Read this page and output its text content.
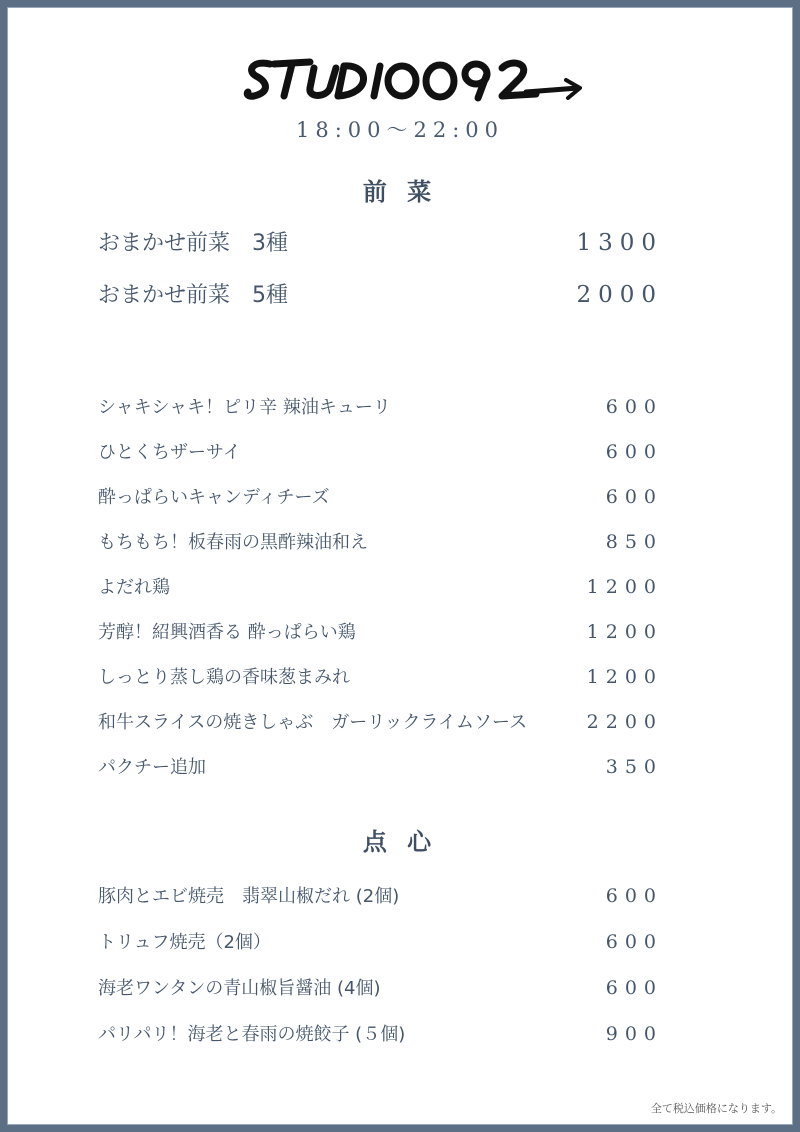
18:00〜22:00
前 菜
おまかせ前菜　3種	1300
おまかせ前菜　5種	2000
シャキシャキ！ピリ辛 辣油キューリ	600
ひとくちザーサイ	600
酔っぱらいキャンディチーズ	600
もちもち！板春雨の黒酢辣油和え	850
よだれ鶏	1200
芳醇！紹興酒香る 酔っぱらい鶏	1200
しっとり蒸し鶏の香味葱まみれ	1200
和牛スライスの焼きしゃぶ　ガーリックライムソース	2200
パクチー追加	350
点 心
豚肉とエビ焼売　翡翠山椒だれ (2個)	600
トリュフ焼売（2個）	600
海老ワンタンの青山椒旨醤油 (4個)	600
パリパリ！海老と春雨の焼餃子 (５個)	900
全て税込価格になります。
